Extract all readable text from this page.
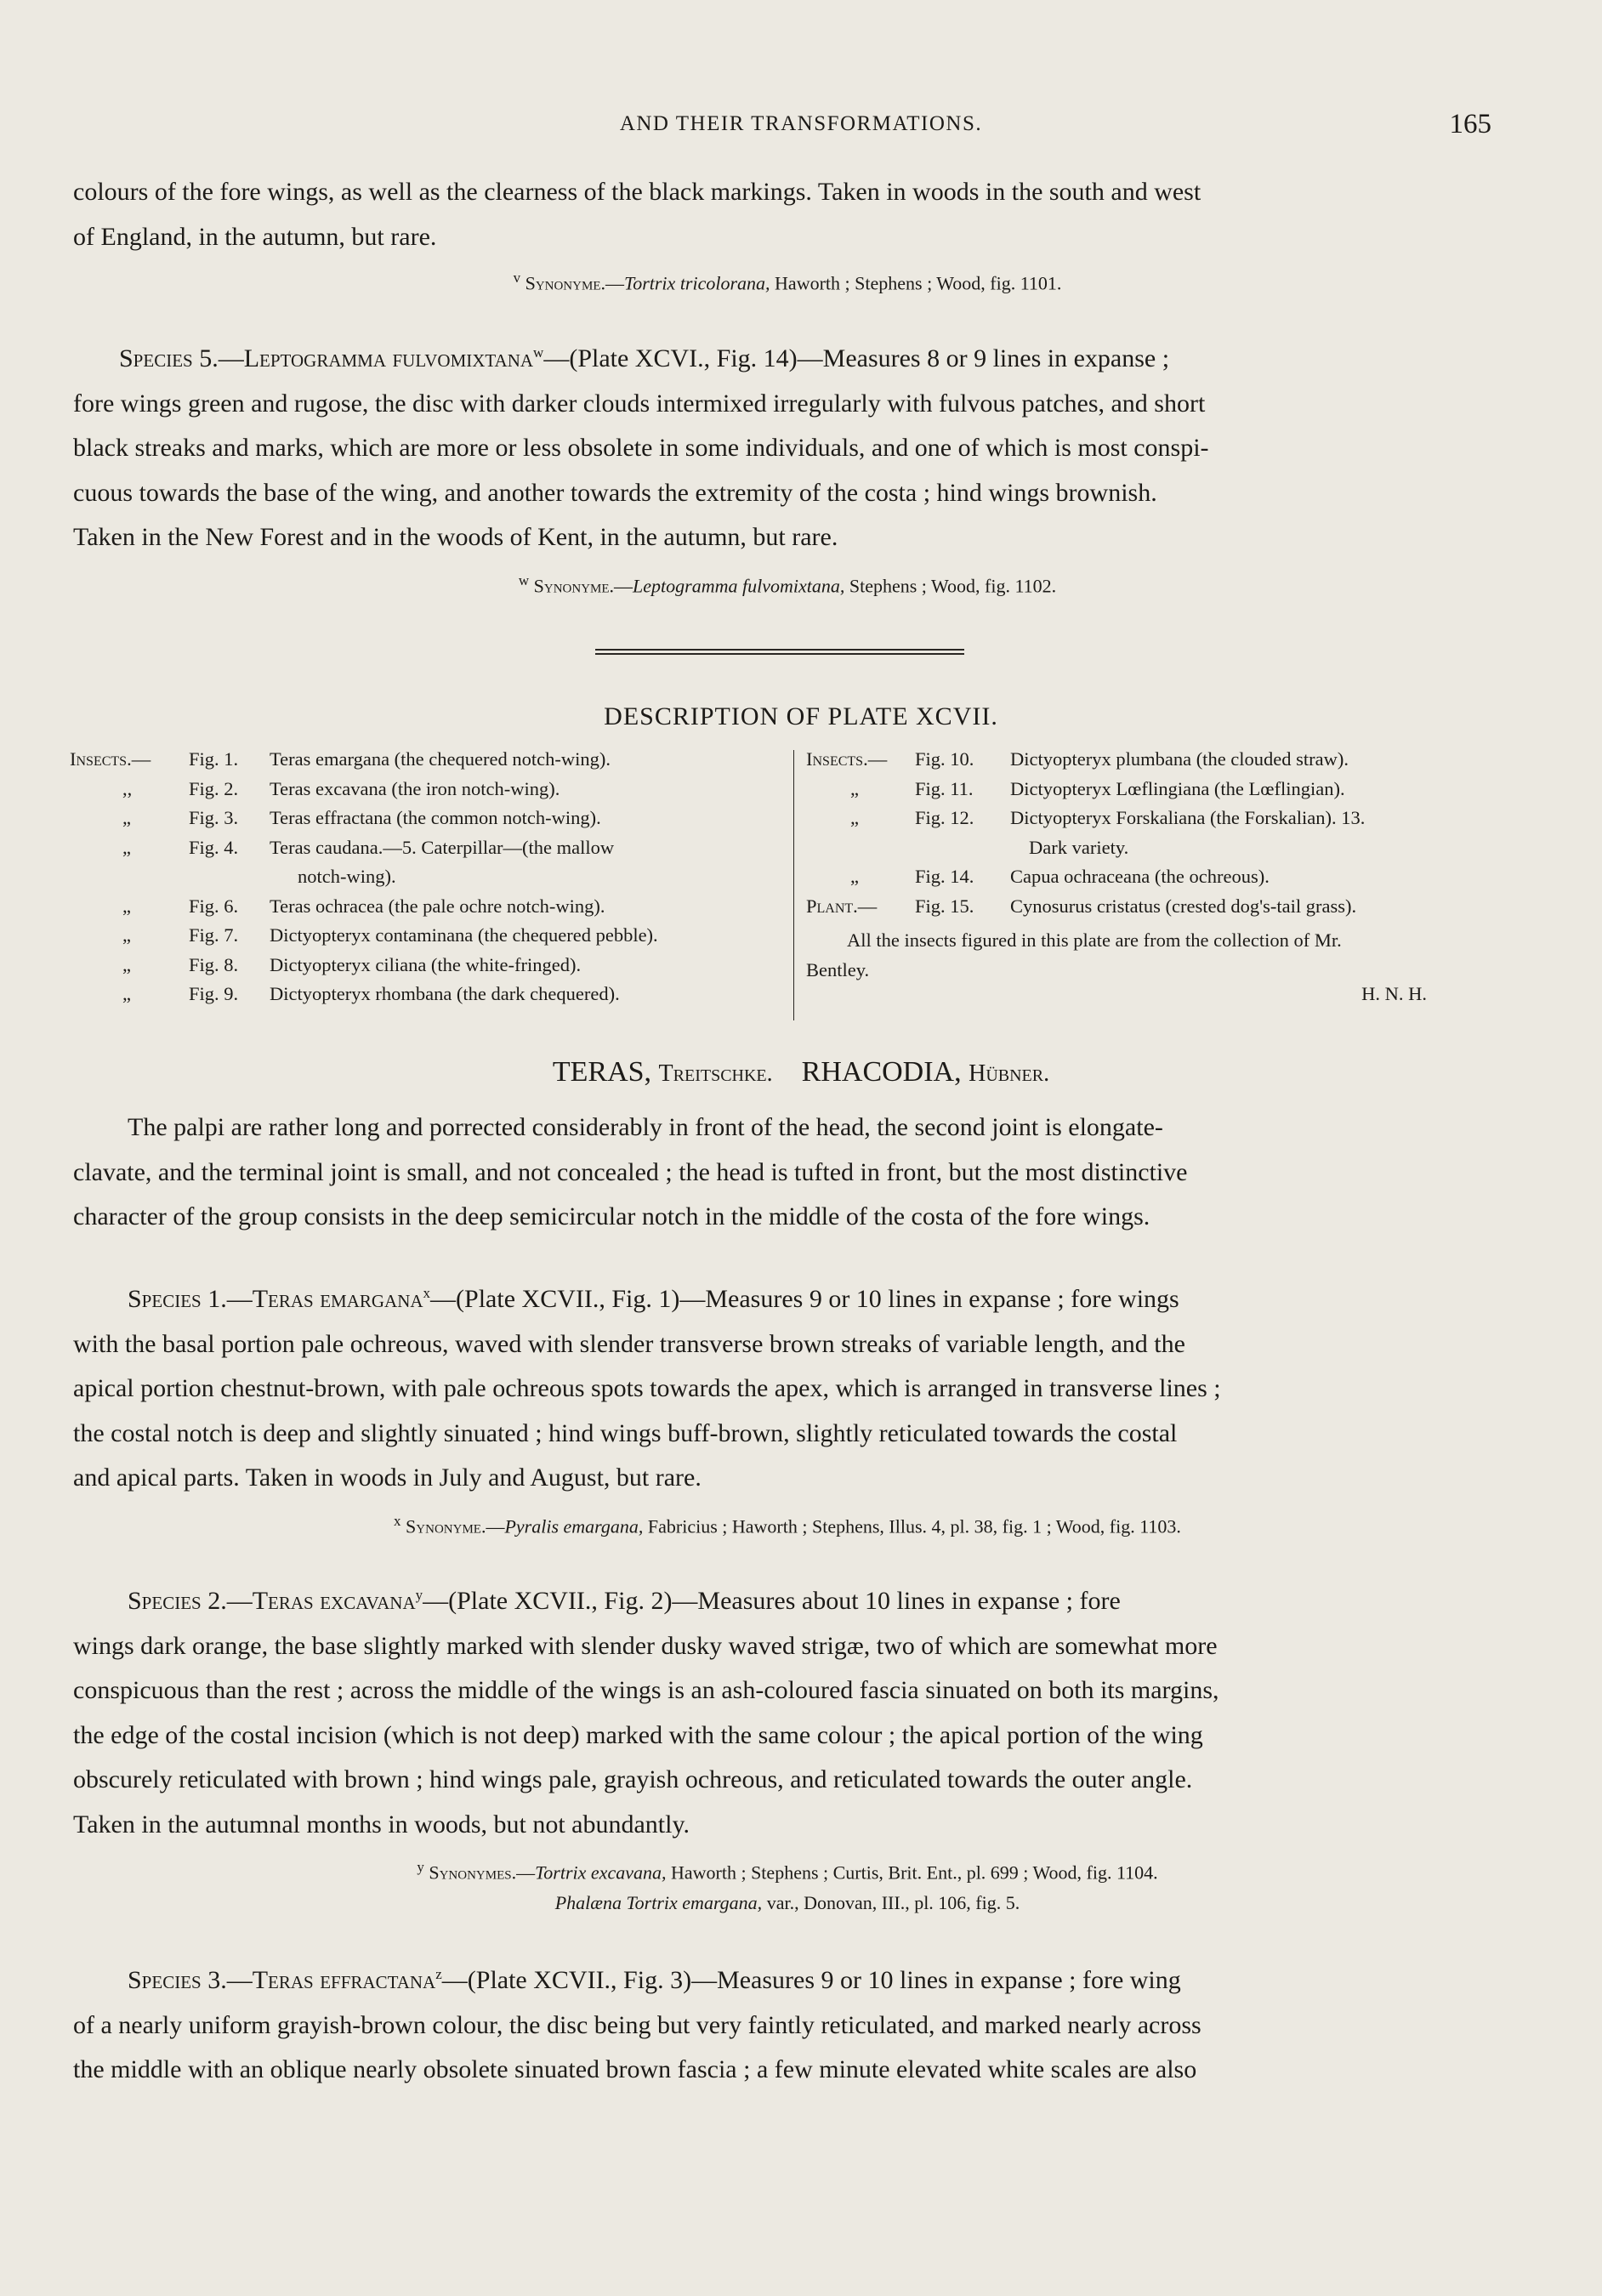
AND THEIR TRANSFORMATIONS.	165

colours of the fore wings, as well as the clearness of the black markings. Taken in woods in the south and west

of England, in the autumn, but rare.

$^v$ Synonyme.—Tortrix tricolorana, Haworth ; Stephens ; Wood, fig. 1101.

Species 5.—Leptogramma fulvomixtana$^w$—(Plate XCVI., Fig. 14)—Measures 8 or 9 lines in expanse ;

fore wings green and rugose, the disc with darker clouds intermixed irregularly with fulvous patches, and short

black streaks and marks, which are more or less obsolete in some individuals, and one of which is most conspi-

cuous towards the base of the wing, and another towards the extremity of the costa ; hind wings brownish.

Taken in the New Forest and in the woods of Kent, in the autumn, but rare.

$^w$ Synonyme.—Leptogramma fulvomixtana, Stephens ; Wood, fig. 1102.
DESCRIPTION OF PLATE XCVII.
Insects.—	Fig. 1.	Teras emargana (the chequered notch-wing).
,,	Fig. 2.	Teras excavana (the iron notch-wing).
„	Fig. 3.	Teras effractana (the common notch-wing).
„	Fig. 4.	Teras caudana.—5. Caterpillar—(the mallow
notch-wing).
„	Fig. 6.	Teras ochracea (the pale ochre notch-wing).
„	Fig. 7.	Dictyopteryx contaminana (the chequered pebble).
„	Fig. 8.	Dictyopteryx ciliana (the white-fringed).
„	Fig. 9.	Dictyopteryx rhombana (the dark chequered).
Insects.—	Fig. 10.	Dictyopteryx plumbana (the clouded straw).
„	Fig. 11.	Dictyopteryx Lœflingiana (the Lœflingian).
„	Fig. 12.	Dictyopteryx Forskaliana (the Forskalian). 13.
Dark variety.
„	Fig. 14.	Capua ochraceana (the ochreous).
Plant.—	Fig. 15.	Cynosurus cristatus (crested dog's-tail grass).
All the insects figured in this plate are from the collection of Mr.
Bentley.
H. N. H.
TERAS, Treitschke. RHACODIA, Hübner.

The palpi are rather long and porrected considerably in front of the head, the second joint is elongate-

clavate, and the terminal joint is small, and not concealed ; the head is tufted in front, but the most distinctive

character of the group consists in the deep semicircular notch in the middle of the costa of the fore wings.

Species 1.—Teras emargana$^x$—(Plate XCVII., Fig. 1)—Measures 9 or 10 lines in expanse ; fore wings

with the basal portion pale ochreous, waved with slender transverse brown streaks of variable length, and the

apical portion chestnut-brown, with pale ochreous spots towards the apex, which is arranged in transverse lines ;

the costal notch is deep and slightly sinuated ; hind wings buff-brown, slightly reticulated towards the costal

and apical parts. Taken in woods in July and August, but rare.

$^x$ Synonyme.—Pyralis emargana, Fabricius ; Haworth ; Stephens, Illus. 4, pl. 38, fig. 1 ; Wood, fig. 1103.

Species 2.—Teras excavana$^y$—(Plate XCVII., Fig. 2)—Measures about 10 lines in expanse ; fore

wings dark orange, the base slightly marked with slender dusky waved strigæ, two of which are somewhat more

conspicuous than the rest ; across the middle of the wings is an ash-coloured fascia sinuated on both its margins,

the edge of the costal incision (which is not deep) marked with the same colour ; the apical portion of the wing

obscurely reticulated with brown ; hind wings pale, grayish ochreous, and reticulated towards the outer angle.

Taken in the autumnal months in woods, but not abundantly.

$^y$ Synonymes.—Tortrix excavana, Haworth ; Stephens ; Curtis, Brit. Ent., pl. 699 ; Wood, fig. 1104.
Phalæna Tortrix emargana, var., Donovan, III., pl. 106, fig. 5.

Species 3.—Teras effractana$^z$—(Plate XCVII., Fig. 3)—Measures 9 or 10 lines in expanse ; fore wing

of a nearly uniform grayish-brown colour, the disc being but very faintly reticulated, and marked nearly across

the middle with an oblique nearly obsolete sinuated brown fascia ; a few minute elevated white scales are also
